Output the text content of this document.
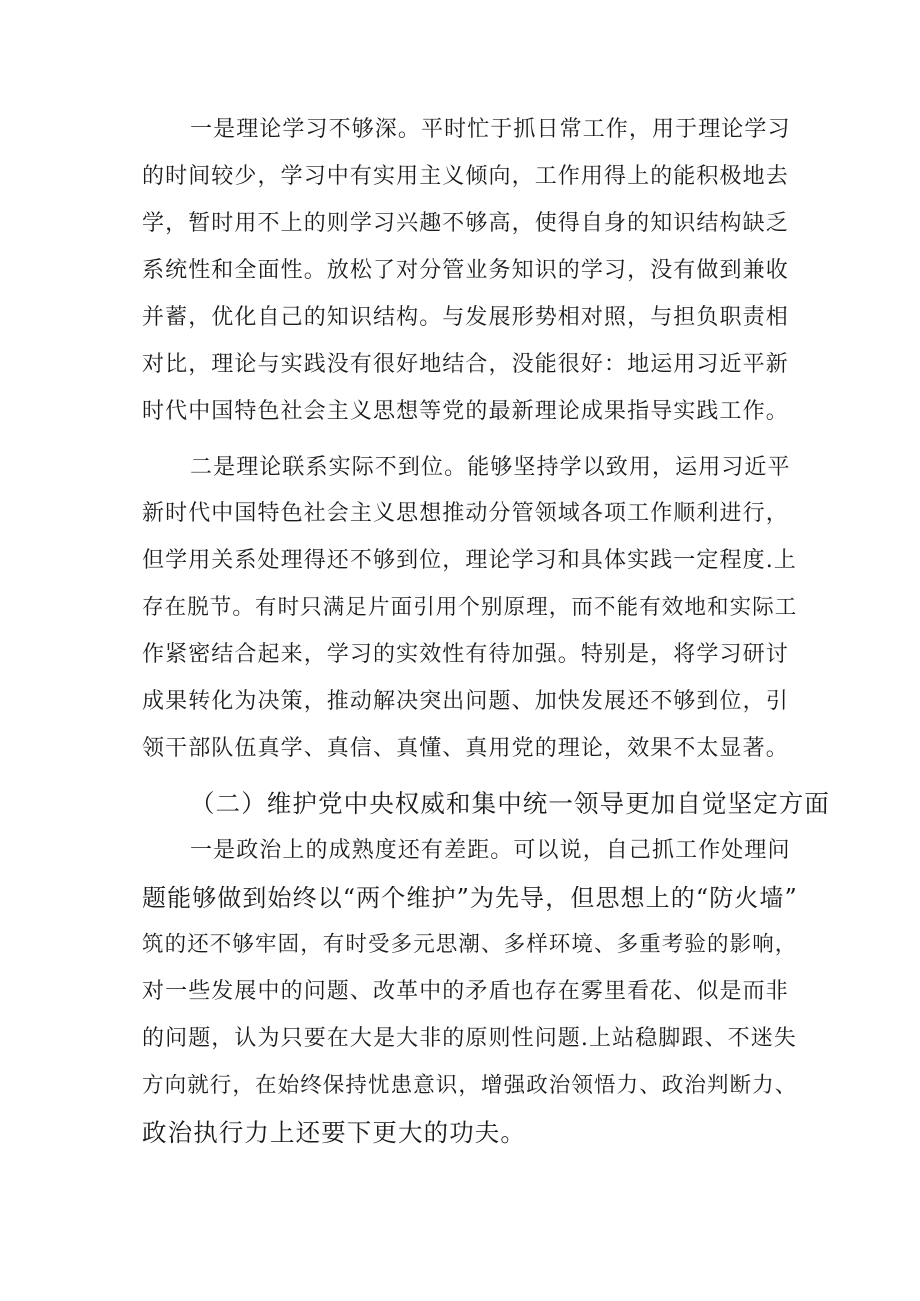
一是理论学习不够深。平时忙于抓日常工作，用于理论学习
的时间较少，学习中有实用主义倾向，工作用得上的能积极地去
学，暂时用不上的则学习兴趣不够高，使得自身的知识结构缺乏
系统性和全面性。放松了对分管业务知识的学习，没有做到兼收
并蓄，优化自己的知识结构。与发展形势相对照，与担负职责相
对比，理论与实践没有很好地结合，没能很好：地运用习近平新
时代中国特色社会主义思想等党的最新理论成果指导实践工作。
二是理论联系实际不到位。能够坚持学以致用，运用习近平
新时代中国特色社会主义思想推动分管领域各项工作顺利进行，
但学用关系处理得还不够到位，理论学习和具体实践一定程度.上
存在脱节。有时只满足片面引用个别原理，而不能有效地和实际工
作紧密结合起来，学习的实效性有待加强。特别是，将学习研讨
成果转化为决策，推动解决突出问题、加快发展还不够到位，引
领干部队伍真学、真信、真懂、真用党的理论，效果不太显著。
（二）维护党中央权威和集中统一领导更加自觉坚定方面
一是政治上的成熟度还有差距。可以说，自己抓工作处理问
题能够做到始终以“两个维护”为先导，但思想上的“防火墙”
筑的还不够牢固，有时受多元思潮、多样环境、多重考验的影响，
对一些发展中的问题、改革中的矛盾也存在雾里看花、似是而非
的问题，认为只要在大是大非的原则性问题.上站稳脚跟、不迷失
方向就行，在始终保持忧患意识，增强政治领悟力、政治判断力、
政治执行力上还要下更大的功夫。
